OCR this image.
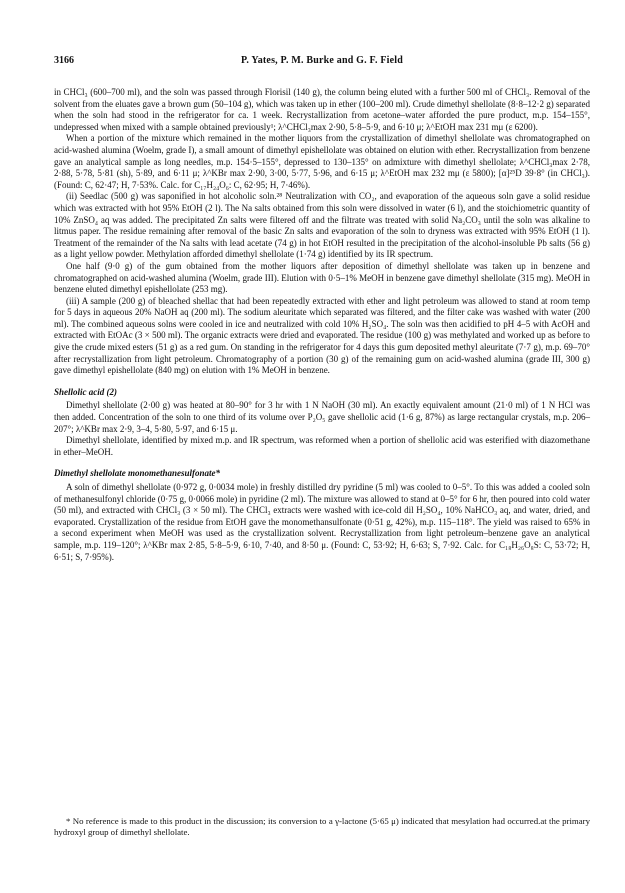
3166	P. Yates, P. M. Burke and G. F. Field

in CHCl₃ (600–700 ml), and the soln was passed through Florisil (140 g), the column being eluted with a further 500 ml of CHCl₃. Removal of the solvent from the eluates gave a brown gum (50–104 g), which was taken up in ether (100–200 ml). Crude dimethyl shellolate (8·8–12·2 g) separated when the soln had stood in the refrigerator for ca. 1 week. Recrystallization from acetone–water afforded the pure product, m.p. 154–155°, undepressed when mixed with a sample obtained previously¹; λ^CHCl₃max 2·90, 5·8–5·9, and 6·10 μ; λ^EtOH max 231 mμ (ε 6200).

When a portion of the mixture which remained in the mother liquors from the crystallization of dimethyl shellolate was chromatographed on acid-washed alumina (Woelm, grade I), a small amount of dimethyl epishellolate was obtained on elution with ether. Recrystallization from benzene gave an analytical sample as long needles, m.p. 154·5–155°, depressed to 130–135° on admixture with dimethyl shellolate; λ^CHCl₃max 2·78, 2·88, 5·78, 5·81 (sh), 5·89, and 6·11 μ; λ^KBr max 2·90, 3·00, 5·77, 5·96, and 6·15 μ; λ^EtOH max 232 mμ (ε 5800); [α]²⁵D 39·8° (in CHCl₃). (Found: C, 62·47; H, 7·53%. Calc. for C₁₇H₂₄O₆: C, 62·95; H, 7·46%).

(ii) Seedlac (500 g) was saponified in hot alcoholic soln.²⁸ Neutralization with CO₂, and evaporation of the aqueous soln gave a solid residue which was extracted with hot 95% EtOH (2 l). The Na salts obtained from this soln were dissolved in water (6 l), and the stoichiometric quantity of 10% ZnSO₄ aq was added. The precipitated Zn salts were filtered off and the filtrate was treated with solid Na₂CO₃ until the soln was alkaline to litmus paper. The residue remaining after removal of the basic Zn salts and evaporation of the soln to dryness was extracted with 95% EtOH (1 l). Treatment of the remainder of the Na salts with lead acetate (74 g) in hot EtOH resulted in the precipitation of the alcohol-insoluble Pb salts (56 g) as a light yellow powder. Methylation afforded dimethyl shellolate (1·74 g) identified by its IR spectrum.

One half (9·0 g) of the gum obtained from the mother liquors after deposition of dimethyl shellolate was taken up in benzene and chromatographed on acid-washed alumina (Woelm, grade III). Elution with 0·5–1% MeOH in benzene gave dimethyl shellolate (315 mg). MeOH in benzene eluted dimethyl epishellolate (253 mg).

(iii) A sample (200 g) of bleached shellac that had been repeatedly extracted with ether and light petroleum was allowed to stand at room temp for 5 days in aqueous 20% NaOH aq (200 ml). The sodium aleuritate which separated was filtered, and the filter cake was washed with water (200 ml). The combined aqueous solns were cooled in ice and neutralized with cold 10% H₂SO₄. The soln was then acidified to pH 4–5 with AcOH and extracted with EtOAc (3 × 500 ml). The organic extracts were dried and evaporated. The residue (100 g) was methylated and worked up as before to give the crude mixed esters (51 g) as a red gum. On standing in the refrigerator for 4 days this gum deposited methyl aleuritate (7·7 g), m.p. 69–70° after recrystallization from light petroleum. Chromatography of a portion (30 g) of the remaining gum on acid-washed alumina (grade III, 300 g) gave dimethyl epishellolate (840 mg) on elution with 1% MeOH in benzene.

Shellolic acid (2)

Dimethyl shellolate (2·00 g) was heated at 80–90° for 3 hr with 1 N NaOH (30 ml). An exactly equivalent amount (21·0 ml) of 1 N HCl was then added. Concentration of the soln to one third of its volume over P₂O₅ gave shellolic acid (1·6 g, 87%) as large rectangular crystals, m.p. 206–207°; λ^KBr max 2·9, 3–4, 5·80, 5·97, and 6·15 μ.

Dimethyl shellolate, identified by mixed m.p. and IR spectrum, was reformed when a portion of shellolic acid was esterified with diazomethane in ether–MeOH.

Dimethyl shellolate monomethanesulfonate*

A soln of dimethyl shellolate (0·972 g, 0·0034 mole) in freshly distilled dry pyridine (5 ml) was cooled to 0–5°. To this was added a cooled soln of methanesulfonyl chloride (0·75 g, 0·0066 mole) in pyridine (2 ml). The mixture was allowed to stand at 0–5° for 6 hr, then poured into cold water (50 ml), and extracted with CHCl₃ (3 × 50 ml). The CHCl₃ extracts were washed with ice-cold dil H₂SO₄, 10% NaHCO₃ aq, and water, dried, and evaporated. Crystallization of the residue from EtOH gave the monomethansulfonate (0·51 g, 42%), m.p. 115–118°. The yield was raised to 65% in a second experiment when MeOH was used as the crystallization solvent. Recrystallization from light petroleum–benzene gave an analytical sample, m.p. 119–120°; λ^KBr max 2·85, 5·8–5·9, 6·10, 7·40, and 8·50 μ. (Found: C, 53·92; H, 6·63; S, 7·92. Calc. for C₁₈H₂₆O₈S: C, 53·72; H, 6·51; S, 7·95%).

* No reference is made to this product in the discussion; its conversion to a γ-lactone (5·65 μ) indicated that mesylation had occurred.at the primary hydroxyl group of dimethyl shellolate.
